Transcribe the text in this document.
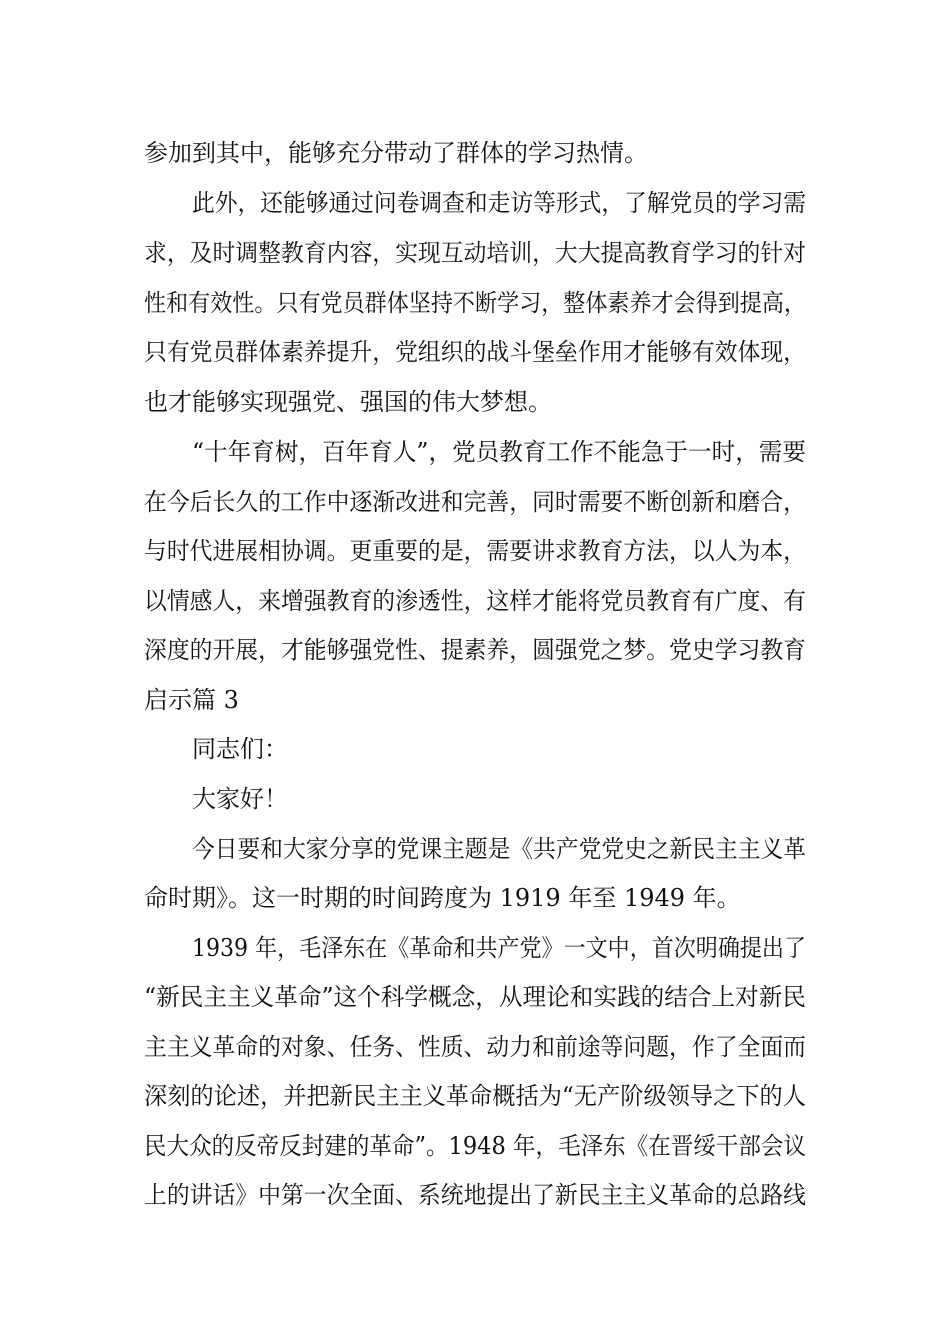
参加到其中，能够充分带动了群体的学习热情。
此外，还能够通过问卷调查和走访等形式，了解党员的学习需
求，及时调整教育内容，实现互动培训，大大提高教育学习的针对
性和有效性。只有党员群体坚持不断学习，整体素养才会得到提高，
只有党员群体素养提升，党组织的战斗堡垒作用才能够有效体现，
也才能够实现强党、强国的伟大梦想。
“十年育树，百年育人”，党员教育工作不能急于一时，需要
在今后长久的工作中逐渐改进和完善，同时需要不断创新和磨合，
与时代进展相协调。更重要的是，需要讲求教育方法，以人为本，
以情感人，来增强教育的渗透性，这样才能将党员教育有广度、有
深度的开展，才能够强党性、提素养，圆强党之梦。党史学习教育
启示篇 3
同志们：
大家好！
今日要和大家分享的党课主题是《共产党党史之新民主主义革
命时期》。这一时期的时间跨度为 1919 年至 1949 年。
1939 年，毛泽东在《革命和共产党》一文中，首次明确提出了
“新民主主义革命”这个科学概念，从理论和实践的结合上对新民
主主义革命的对象、任务、性质、动力和前途等问题，作了全面而
深刻的论述，并把新民主主义革命概括为“无产阶级领导之下的人
民大众的反帝反封建的革命”。1948 年，毛泽东《在晋绥干部会议
上的讲话》中第一次全面、系统地提出了新民主主义革命的总路线
